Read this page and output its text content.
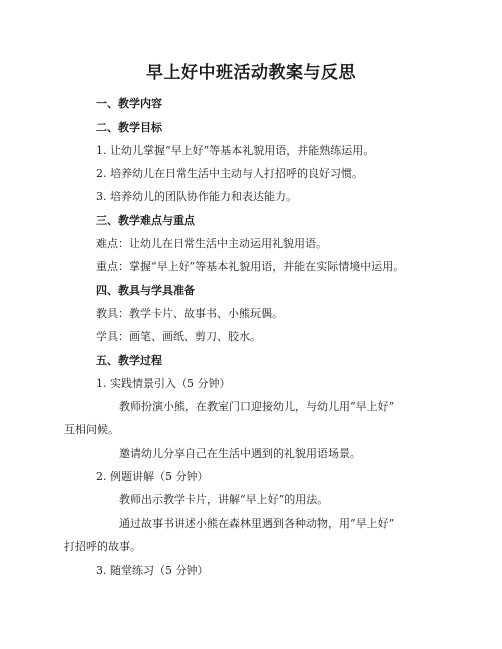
早上好中班活动教案与反思
一、教学内容
二、教学目标
1. 让幼儿掌握“早上好”等基本礼貌用语，并能熟练运用。
2. 培养幼儿在日常生活中主动与人打招呼的良好习惯。
3. 培养幼儿的团队协作能力和表达能力。
三、教学难点与重点
难点：让幼儿在日常生活中主动运用礼貌用语。
重点：掌握“早上好”等基本礼貌用语，并能在实际情境中运用。
四、教具与学具准备
教具：教学卡片、故事书、小熊玩偶。
学具：画笔、画纸、剪刀、胶水。
五、教学过程
1. 实践情景引入（5 分钟）
教师扮演小熊，在教室门口迎接幼儿，与幼儿用“早上好”
互相问候。
邀请幼儿分享自己在生活中遇到的礼貌用语场景。
2. 例题讲解（5 分钟）
教师出示教学卡片，讲解“早上好”的用法。
通过故事书讲述小熊在森林里遇到各种动物，用“早上好”
打招呼的故事。
3. 随堂练习（5 分钟）
